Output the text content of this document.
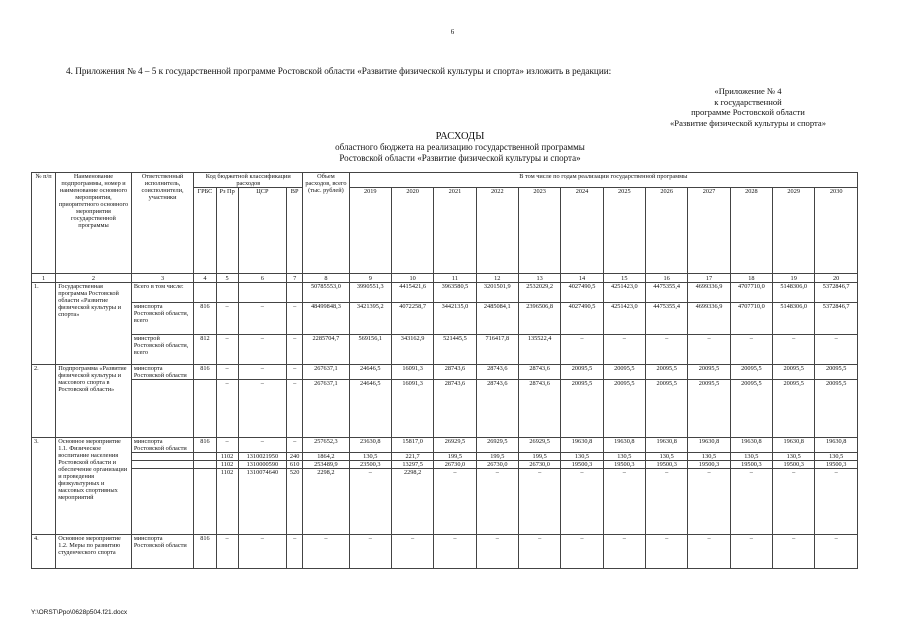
6
4. Приложения № 4 – 5 к государственной программе Ростовской области «Развитие физической культуры и спорта» изложить в редакции:
«Приложение № 4
к государственной
программе Ростовской области
«Развитие физической культуры и спорта»
РАСХОДЫ
областного бюджета на реализацию государственной программы
Ростовской области «Развитие физической культуры и спорта»
№ п/п	Наименование подпрограммы, номер и наименование основного мероприятия, приоритетного основного мероприятия государственной программы	Ответственный исполнитель, соисполнители, участники	Код бюджетной классификации расходов				Объем расходов, всего (тыс. рублей)	В том числе по годам реализации государственной программы											
			ГРБС	Рз Пр	ЦСР	ВР		2019	2020	2021	2022	2023	2024	2025	2026	2027	2028	2029	2030

1	2	3	4	5	6	7	8	9	10	11	12	13	14	15	16	17	18	19	20
1.	Государственная программа Ростовской области «Развитие физической культуры и спорта»	Всего в том числе:					50785553,0	3990551,3	4415421,6	3963580,5	3201501,9	2532029,2	4027490,5	4251423,0	4475355,4	4699336,9	4707710,0	5148306,0	5372846,7
		минспорта Ростовской области, всего	816	–	–	–	48499848,3	3421395,2	4072258,7	3442135,0	2485084,1	2396506,8	4027490,5	4251423,0	4475355,4	4699336,9	4707710,0	5148306,0	5372846,7
		минстрой Ростовской области, всего	812	–	–	–	2285704,7	569156,1	343162,9	521445,5	716417,8	135522,4	–	–	–	–	–	–	–
2.	Подпрограмма «Развитие физической культуры и массового спорта в Ростовской области»	минспорта Ростовской области	816	–	–	–	267637,1	24646,5	16091,3	28743,6	28743,6	28743,6	20095,5	20095,5	20095,5	20095,5	20095,5	20095,5	20095,5
				–	–	–	267637,1	24646,5	16091,3	28743,6	28743,6	28743,6	20095,5	20095,5	20095,5	20095,5	20095,5	20095,5	20095,5
3.	Основное мероприятие 1.1. Физическое воспитание населения Ростовской области и обеспечение организации и проведения физкультурных и массовых спортивных мероприятий	минспорта Ростовской области	816	–	–	–	257652,3	23630,8	15817,0	26929,5	26929,5	26929,5	19630,8	19630,8	19630,8	19630,8	19630,8	19630,8	19630,8
				1102	1310021950	240	1864,2	130,5	221,7	199,5	199,5	199,5	130,5	130,5	130,5	130,5	130,5	130,5	130,5
				1102	1310000590	610	253489,9	23500,3	13297,5	26730,0	26730,0	26730,0	19500,3	19500,3	19500,3	19500,3	19500,3	19500,3	19500,3
				1102	1310074640	520	2298,2	–	2298,2	–	–	–	–	–	–	–	–	–	–
4.	Основное мероприятие 1.2. Меры по развитию студенческого спорта	минспорта Ростовской области	816	–	–	–	–	–	–	–	–	–	–	–	–	–	–	–	–
Y:\ORST\Ppo\0628p504.f21.docx
